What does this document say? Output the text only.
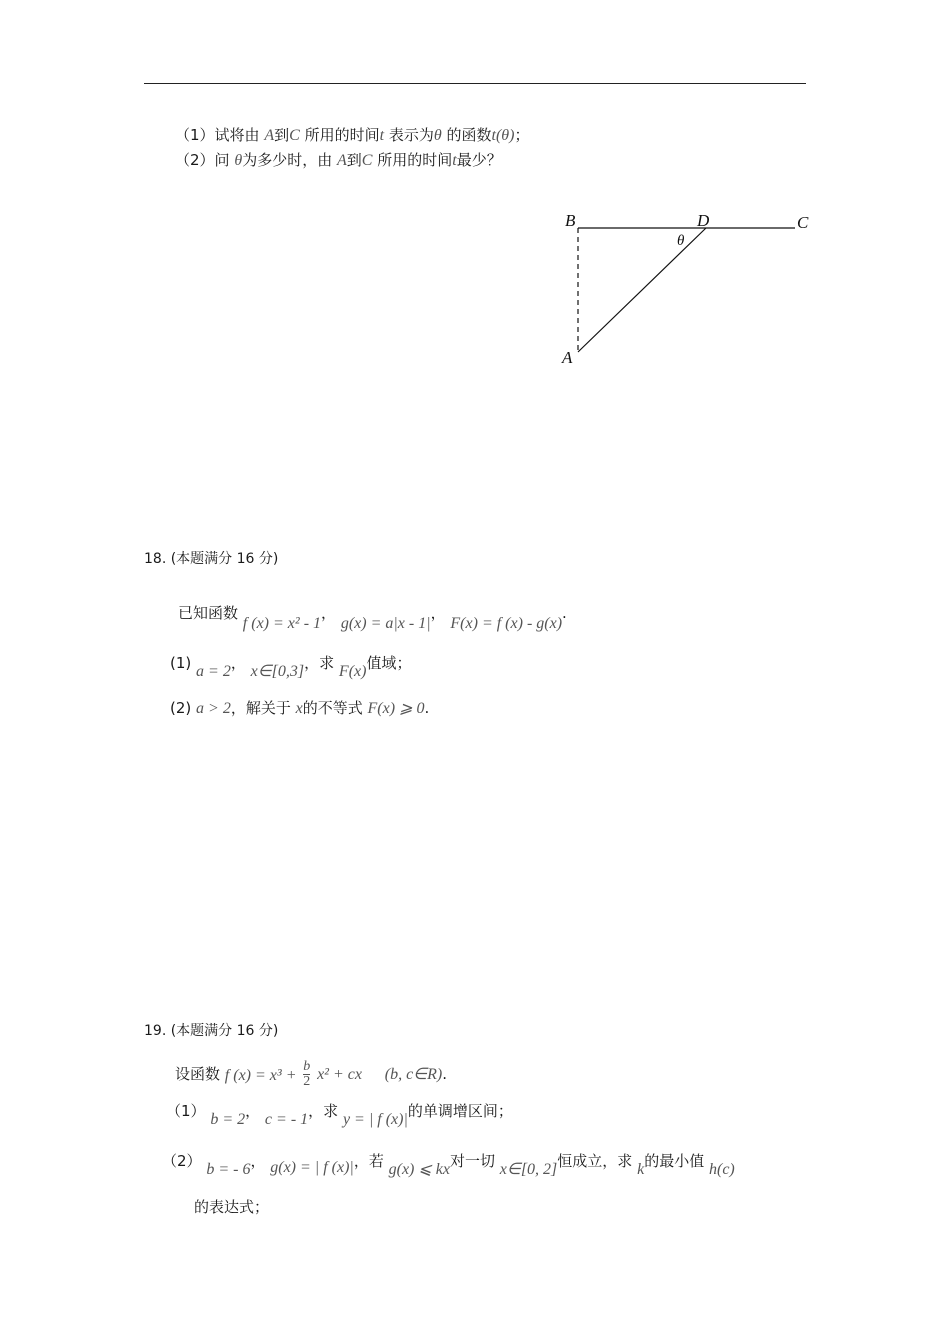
（1）试将由 A到C 所用的时间t 表示为θ 的函数t(θ)；
（2）问 θ为多少时，由 A到C 所用的时间t最少？
B	D	C
A
θ
18. (本题满分 16 分)
已知函数 f (x) = x² - 1， g(x) = a|x - 1|， F(x) = f (x) - g(x).
(1) a = 2， x∈[0,3]，求 F(x)值域；
(2) a > 2，解关于 x的不等式 F(x) ⩾ 0.
19. (本题满分 16 分)
设函数 f $(x) = x^3 + \frac{b}{2} x^2$ + cx (b, c∈R).
（1） b = 2， c = - 1，求 y = | f (x)|的单调增区间；
（2） b = - 6， g(x) = | f (x)|，若 g(x) ⩽ kx对一切 x∈[0, 2]恒成立，求 k的最小值 h(c)
的表达式；
